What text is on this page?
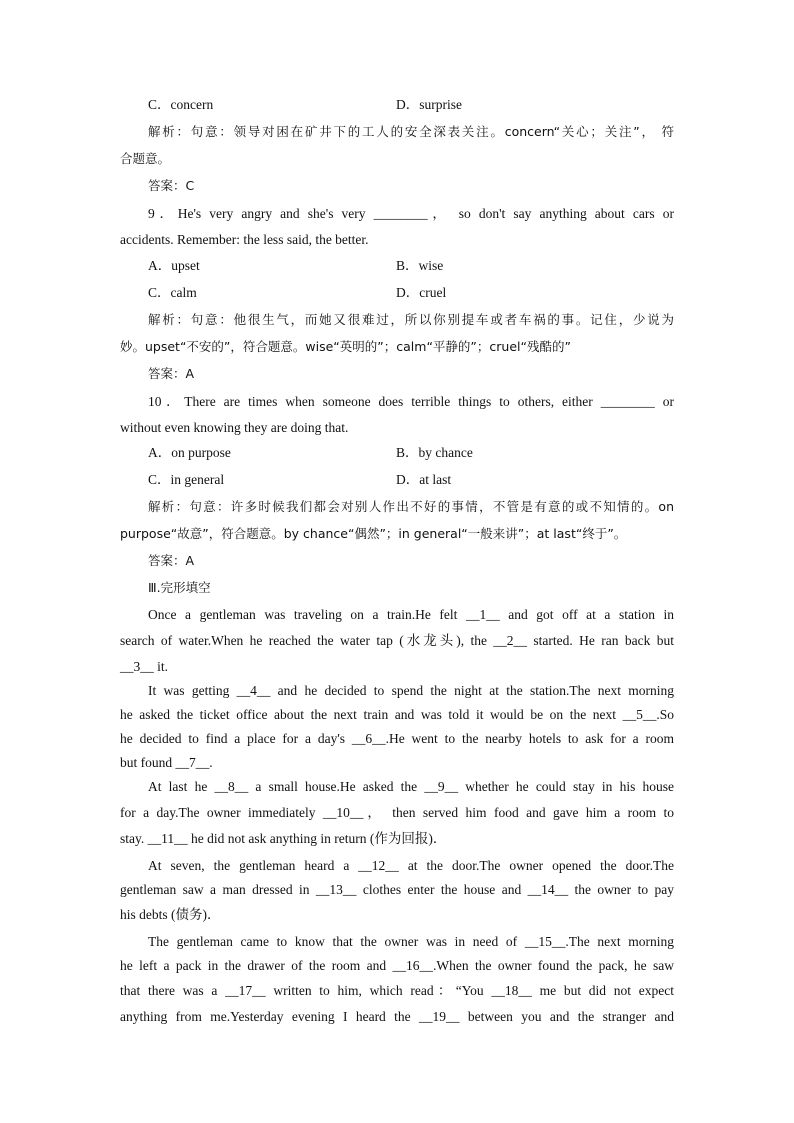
C．concern	D．surprise
解析：句意：领导对困在矿井下的工人的安全深表关注。concern“关心；关注”， 符
合题意。
答案：C
9．He's very angry and she's very ________， so don't say anything about cars or
accidents. Remember: the less said, the better.
A．upset	B．wise
C．calm	D．cruel
解析：句意：他很生气，而她又很难过，所以你别提车或者车祸的事。记住，少说为
妙。upset“不安的”，符合题意。wise“英明的”；calm“平静的”；cruel“残酷的”
答案：A
10．There are times when someone does terrible things to others, either ________ or
without even knowing they are doing that.
A．on purpose	B．by chance
C．in general	D．at last
解析：句意：许多时候我们都会对别人作出不好的事情，不管是有意的或不知情的。on
purpose“故意”，符合题意。by chance“偶然”；in general“一般来讲”；at last“终于”。
答案：A
Ⅲ.完形填空
Once a gentleman was traveling on a train.He felt __1__ and got off at a station in
search of water.When he reached the water tap (水龙头), the __2__ started. He ran back but
__3__ it.
It was getting __4__ and he decided to spend the night at the station.The next morning
he asked the ticket office about the next train and was told it would be on the next __5__.So
he decided to find a place for a day's __6__.He went to the nearby hotels to ask for a room
but found __7__.
At last he __8__ a small house.He asked the __9__ whether he could stay in his house
for a day.The owner immediately __10__， then served him food and gave him a room to
stay. __11__ he did not ask anything in return (作为回报)．
At seven, the gentleman heard a __12__ at the door.The owner opened the door.The
gentleman saw a man dressed in __13__ clothes enter the house and __14__ the owner to pay
his debts (债务)．
The gentleman came to know that the owner was in need of __15__.The next morning
he left a pack in the drawer of the room and __16__.When the owner found the pack, he saw
that there was a __17__ written to him, which read：“You __18__ me but did not expect
anything from me.Yesterday evening I heard the __19__ between you and the stranger and
